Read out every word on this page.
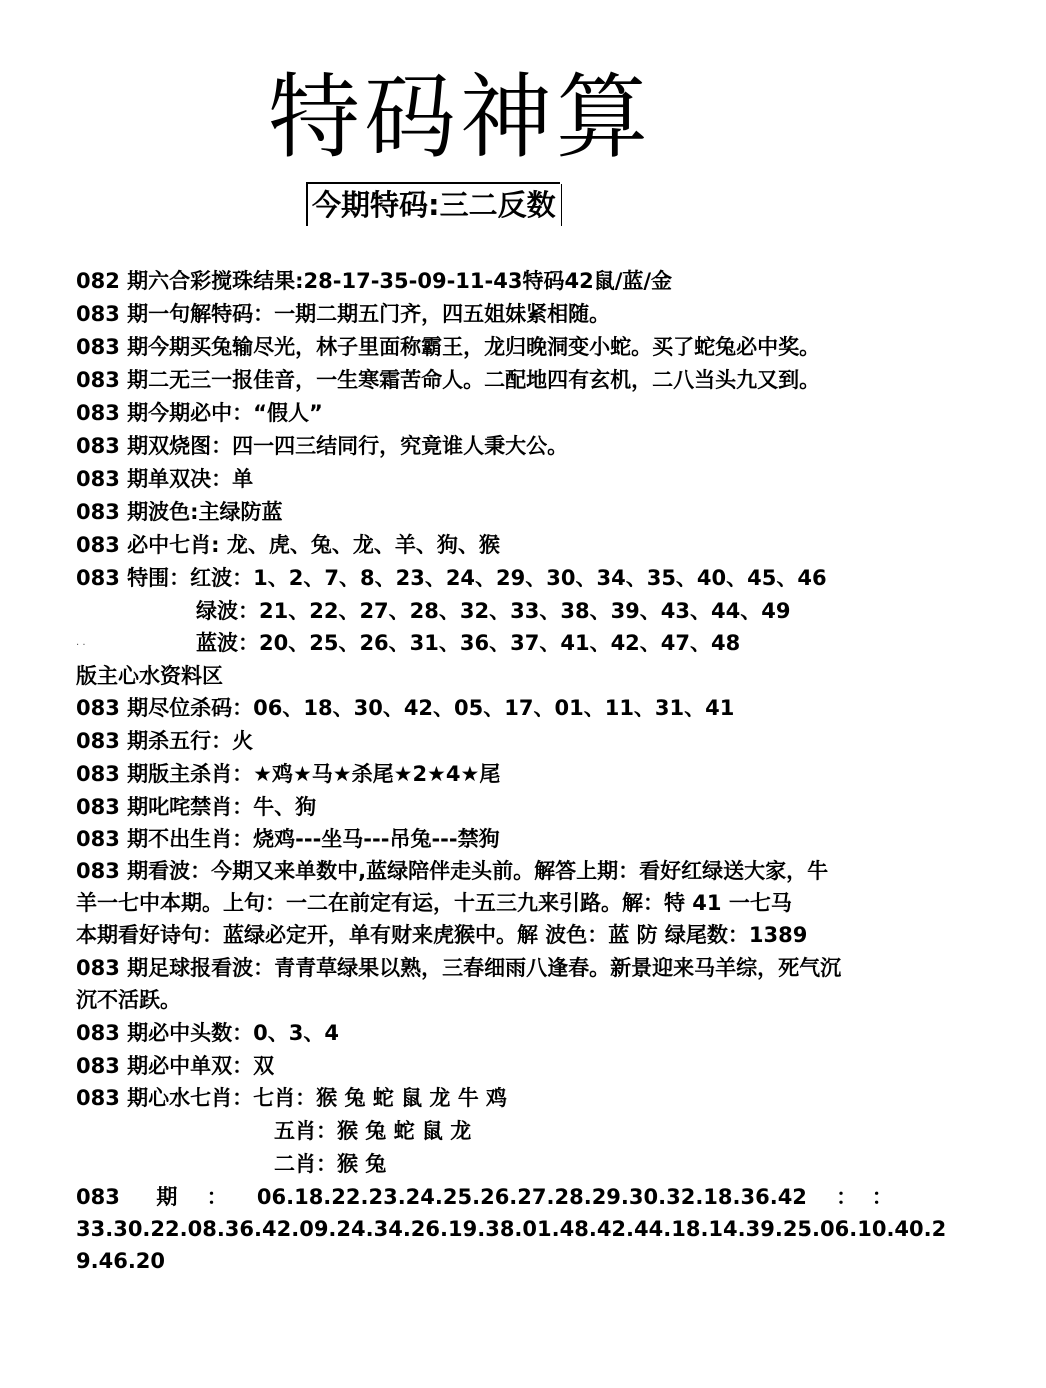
特码神算
今期特码:三二反数
082 期六合彩搅珠结果:28-17-35-09-11-43特码42鼠/蓝/金
083 期一句解特码：一期二期五门齐，四五姐妹紧相随。
083 期今期买兔输尽光，林子里面称霸王，龙归晚洞变小蛇。买了蛇兔必中奖。
083 期二无三一报佳音，一生寒霜苦命人。二配地四有玄机，二八当头九又到。
083 期今期必中：“假人”
083 期双烧图：四一四三结同行，究竟谁人秉大公。
083 期单双决：单
083 期波色:主绿防蓝
083 必中七肖: 龙、虎、兔、龙、羊、狗、猴
083 特围：红波：1、2、7、8、23、24、29、30、34、35、40、45、46
绿波：21、22、27、28、32、33、38、39、43、44、49
蓝波：20、25、26、31、36、37、41、42、47、48
· ·
版主心水资料区
083 期尽位杀码：06、18、30、42、05、17、01、11、31、41
083 期杀五行：火
083 期版主杀肖：★鸡★马★杀尾★2★4★尾
083 期叱咤禁肖：牛、狗
083 期不出生肖：烧鸡---坐马---吊兔---禁狗
083 期看波：今期又来单数中,蓝绿陪伴走头前。解答上期：看好红绿送大家，牛
羊一七中本期。上句：一二在前定有运，十五三九来引路。解：特 41 一七马
本期看好诗句：蓝绿必定开，单有财来虎猴中。解 波色：蓝 防 绿尾数：1389
083 期足球报看波：青青草绿果以熟，三春细雨八逢春。新景迎来马羊综，死气沉
沉不活跃。
083 期必中头数：0、3、4
083 期必中单双：双
083 期心水七肖：七肖：猴 兔 蛇 鼠 龙 牛 鸡
五肖：猴 兔 蛇 鼠 龙
二肖：猴 兔
083     期    ：    06.18.22.23.24.25.26.27.28.29.30.32.18.36.42    ：  ：
33.30.22.08.36.42.09.24.34.26.19.38.01.48.42.44.18.14.39.25.06.10.40.2
9.46.20
